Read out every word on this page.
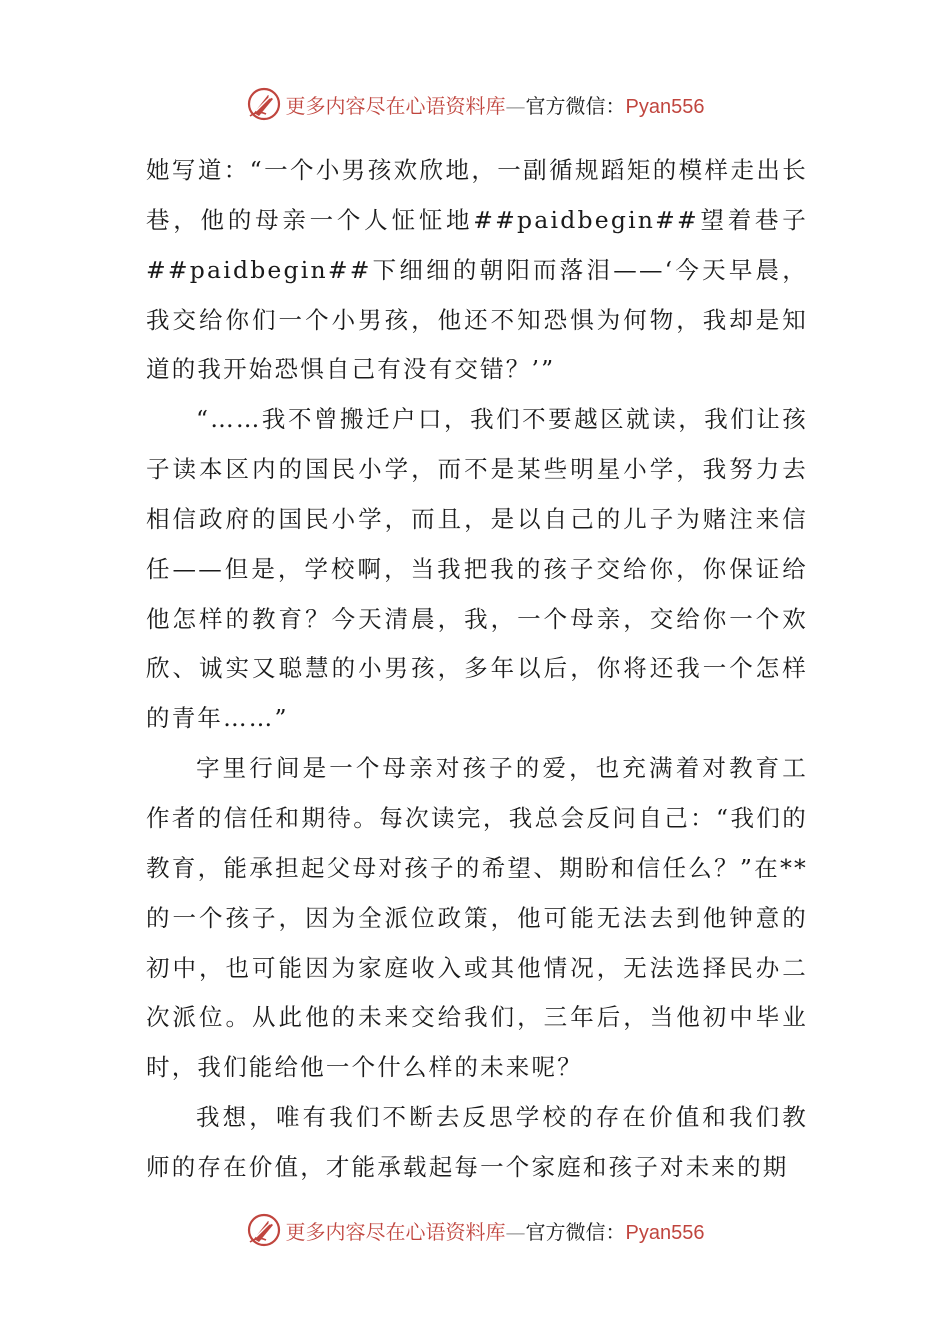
更多内容尽在心语资料库—官方微信：Pyan556

她写道：“一个小男孩欢欣地，一副循规蹈矩的模样走出长巷，他的母亲一个人怔怔地##paidbegin##望着巷子##paidbegin##下细细的朝阳而落泪——‘今天早晨，我交给你们一个小男孩，他还不知恐惧为何物，我却是知道的我开始恐惧自己有没有交错？’”

“……我不曾搬迁户口，我们不要越区就读，我们让孩子读本区内的国民小学，而不是某些明星小学，我努力去相信政府的国民小学，而且，是以自己的儿子为赌注来信任——但是，学校啊，当我把我的孩子交给你，你保证给他怎样的教育？今天清晨，我，一个母亲，交给你一个欢欣、诚实又聪慧的小男孩，多年以后，你将还我一个怎样的青年……”

字里行间是一个母亲对孩子的爱，也充满着对教育工作者的信任和期待。每次读完，我总会反问自己：“我们的教育，能承担起父母对孩子的希望、期盼和信任么？”在**的一个孩子，因为全派位政策，他可能无法去到他钟意的初中，也可能因为家庭收入或其他情况，无法选择民办二次派位。从此他的未来交给我们，三年后，当他初中毕业时，我们能给他一个什么样的未来呢？

我想，唯有我们不断去反思学校的存在价值和我们教师的存在价值，才能承载起每一个家庭和孩子对未来的期

更多内容尽在心语资料库—官方微信：Pyan556
